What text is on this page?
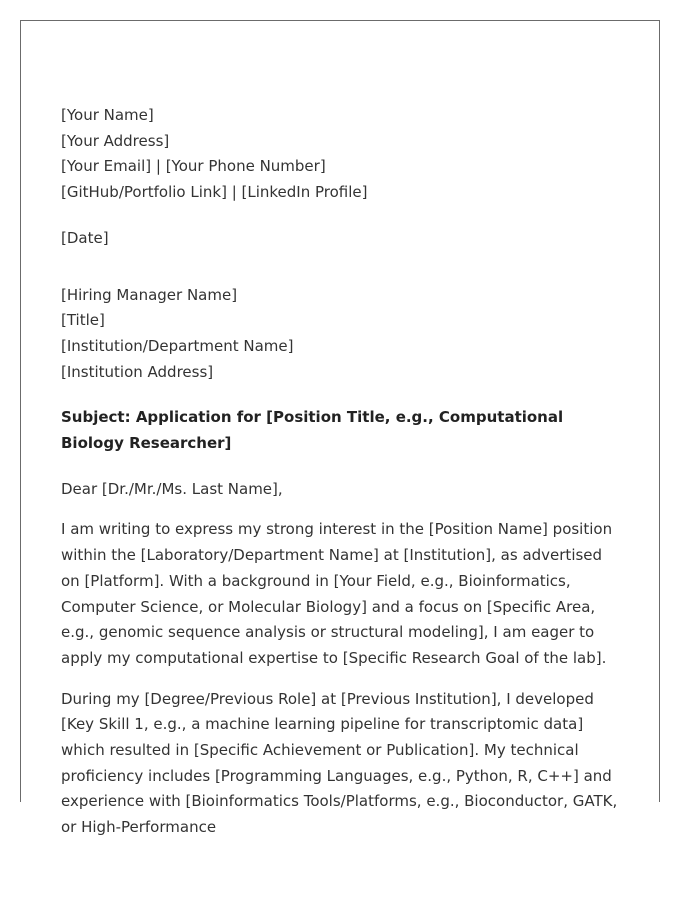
[Your Name]
[Your Address]
[Your Email] | [Your Phone Number]
[GitHub/Portfolio Link] | [LinkedIn Profile]
[Date]
[Hiring Manager Name]
[Title]
[Institution/Department Name]
[Institution Address]

Subject: Application for [Position Title, e.g., Computational Biology Researcher]

Dear [Dr./Mr./Ms. Last Name],

I am writing to express my strong interest in the [Position Name] position within the [Laboratory/Department Name] at [Institution], as advertised on [Platform]. With a background in [Your Field, e.g., Bioinformatics, Computer Science, or Molecular Biology] and a focus on [Specific Area, e.g., genomic sequence analysis or structural modeling], I am eager to apply my computational expertise to [Specific Research Goal of the lab].

During my [Degree/Previous Role] at [Previous Institution], I developed [Key Skill 1, e.g., a machine learning pipeline for transcriptomic data] which resulted in [Specific Achievement or Publication]. My technical proficiency includes [Programming Languages, e.g., Python, R, C++] and experience with [Bioinformatics Tools/Platforms, e.g., Bioconductor, GATK, or High-Performance
